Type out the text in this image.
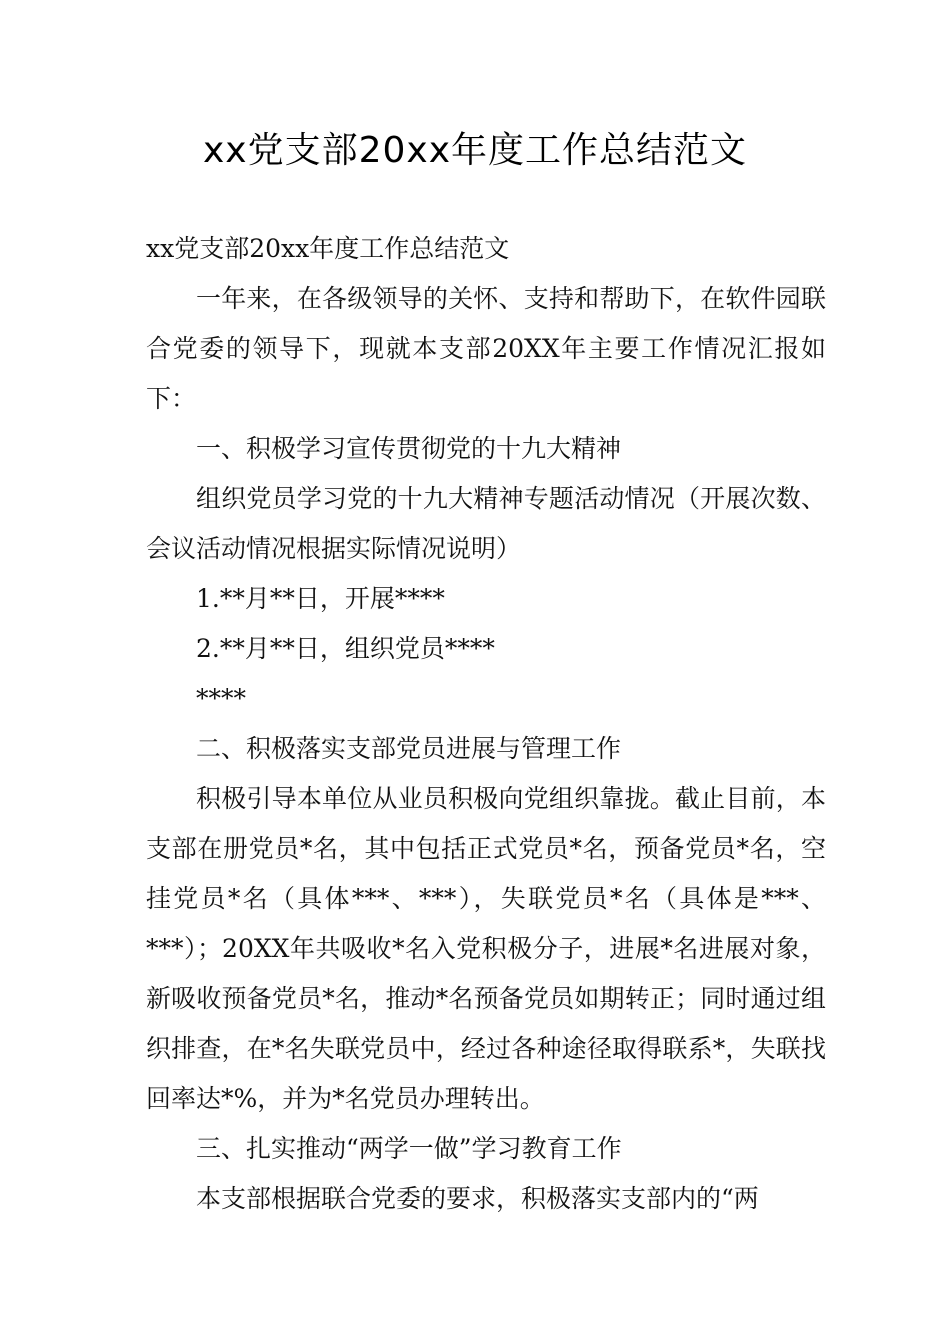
xx党支部20xx年度工作总结范文

xx党支部20xx年度工作总结范文

一年来，在各级领导的关怀、支持和帮助下，在软件园联合党委的领导下，现就本支部20XX年主要工作情况汇报如下：

一、积极学习宣传贯彻党的十九大精神

组织党员学习党的十九大精神专题活动情况（开展次数、会议活动情况根据实际情况说明）

1.**月**日，开展****

2.**月**日，组织党员****

****

二、积极落实支部党员进展与管理工作

积极引导本单位从业员积极向党组织靠拢。截止目前，本支部在册党员*名，其中包括正式党员*名，预备党员*名，空挂党员*名（具体***、***），失联党员*名（具体是***、***）；20XX年共吸收*名入党积极分子，进展*名进展对象，新吸收预备党员*名，推动*名预备党员如期转正；同时通过组织排查，在*名失联党员中，经过各种途径取得联系*，失联找回率达*%，并为*名党员办理转出。

三、扎实推动“两学一做”学习教育工作

本支部根据联合党委的要求，积极落实支部内的“两
